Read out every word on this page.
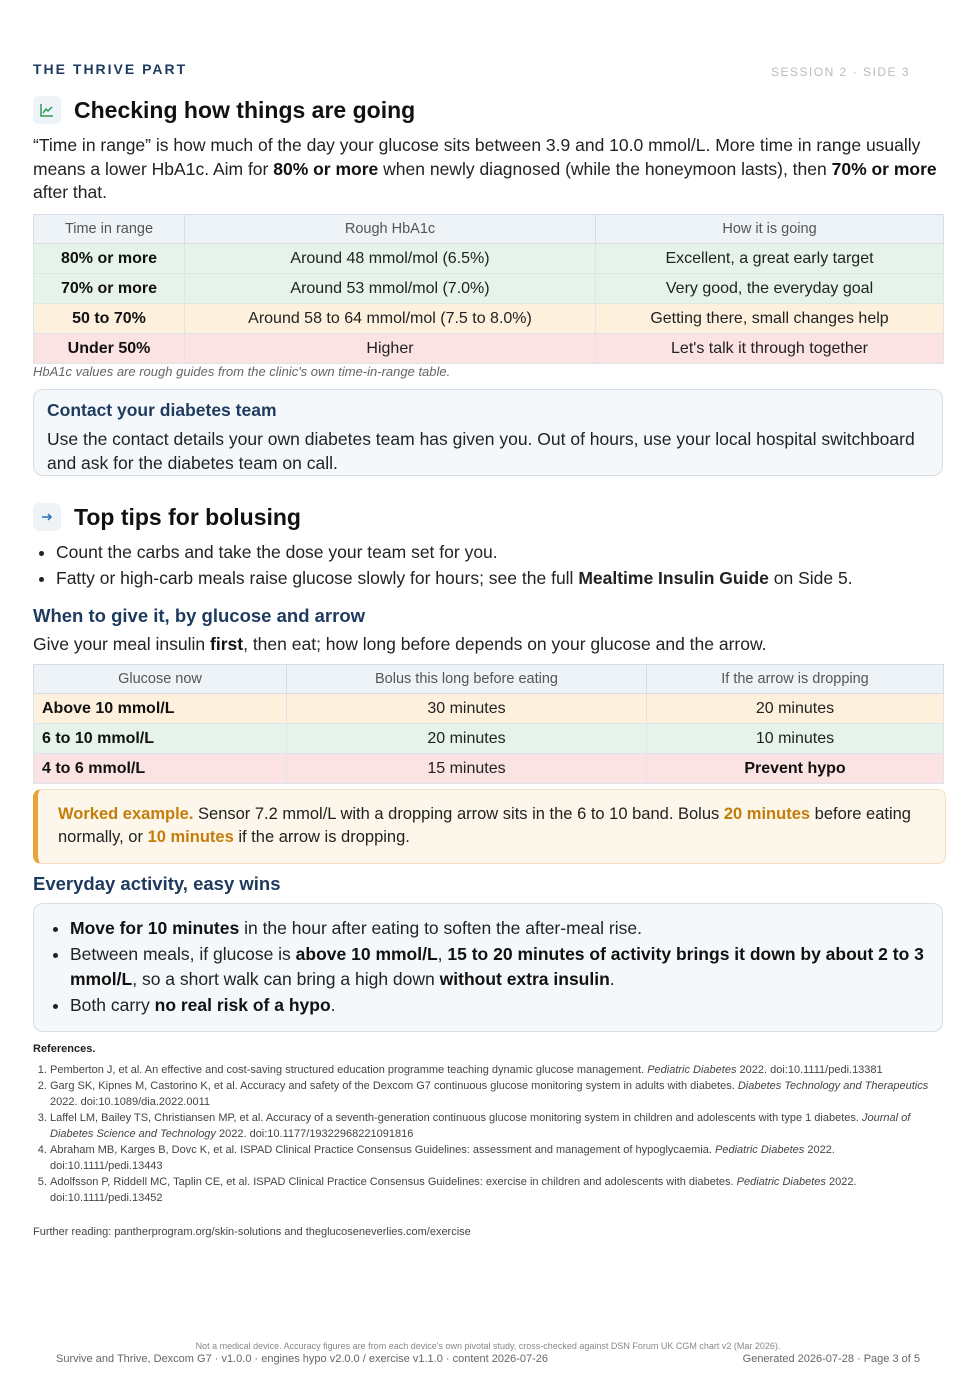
THE THRIVE PART	SESSION 2 · SIDE 3
Checking how things are going
“Time in range” is how much of the day your glucose sits between 3.9 and 10.0 mmol/L. More time in range usually means a lower HbA1c. Aim for 80% or more when newly diagnosed (while the honeymoon lasts), then 70% or more after that.
Time in range	Rough HbA1c	How it is going
80% or more	Around 48 mmol/mol (6.5%)	Excellent, a great early target
70% or more	Around 53 mmol/mol (7.0%)	Very good, the everyday goal
50 to 70%	Around 58 to 64 mmol/mol (7.5 to 8.0%)	Getting there, small changes help
Under 50%	Higher	Let's talk it through together
HbA1c values are rough guides from the clinic's own time-in-range table.
Contact your diabetes team
Use the contact details your own diabetes team has given you. Out of hours, use your local hospital switchboard and ask for the diabetes team on call.
Top tips for bolusing
• Count the carbs and take the dose your team set for you.
• Fatty or high-carb meals raise glucose slowly for hours; see the full Mealtime Insulin Guide on Side 5.
When to give it, by glucose and arrow
Give your meal insulin first, then eat; how long before depends on your glucose and the arrow.
Glucose now	Bolus this long before eating	If the arrow is dropping
Above 10 mmol/L	30 minutes	20 minutes
6 to 10 mmol/L	20 minutes	10 minutes
4 to 6 mmol/L	15 minutes	Prevent hypo
Worked example. Sensor 7.2 mmol/L with a dropping arrow sits in the 6 to 10 band. Bolus 20 minutes before eating normally, or 10 minutes if the arrow is dropping.
Everyday activity, easy wins
• Move for 10 minutes in the hour after eating to soften the after-meal rise.
• Between meals, if glucose is above 10 mmol/L, 15 to 20 minutes of activity brings it down by about 2 to 3 mmol/L, so a short walk can bring a high down without extra insulin.
• Both carry no real risk of a hypo.
References.
1. Pemberton J, et al. An effective and cost-saving structured education programme teaching dynamic glucose management. Pediatric Diabetes 2022. doi:10.1111/pedi.13381
2. Garg SK, Kipnes M, Castorino K, et al. Accuracy and safety of the Dexcom G7 continuous glucose monitoring system in adults with diabetes. Diabetes Technology and Therapeutics 2022. doi:10.1089/dia.2022.0011
3. Laffel LM, Bailey TS, Christiansen MP, et al. Accuracy of a seventh-generation continuous glucose monitoring system in children and adolescents with type 1 diabetes. Journal of Diabetes Science and Technology 2022. doi:10.1177/19322968221091816
4. Abraham MB, Karges B, Dovc K, et al. ISPAD Clinical Practice Consensus Guidelines: assessment and management of hypoglycaemia. Pediatric Diabetes 2022. doi:10.1111/pedi.13443
5. Adolfsson P, Riddell MC, Taplin CE, et al. ISPAD Clinical Practice Consensus Guidelines: exercise in children and adolescents with diabetes. Pediatric Diabetes 2022. doi:10.1111/pedi.13452
Further reading: pantherprogram.org/skin-solutions and theglucoseneverlies.com/exercise
Not a medical device. Accuracy figures are from each device's own pivotal study, cross-checked against DSN Forum UK CGM chart v2 (Mar 2026).
Survive and Thrive, Dexcom G7 · v1.0.0 · engines hypo v2.0.0 / exercise v1.1.0 · content 2026-07-26	Generated 2026-07-28 · Page 3 of 5
